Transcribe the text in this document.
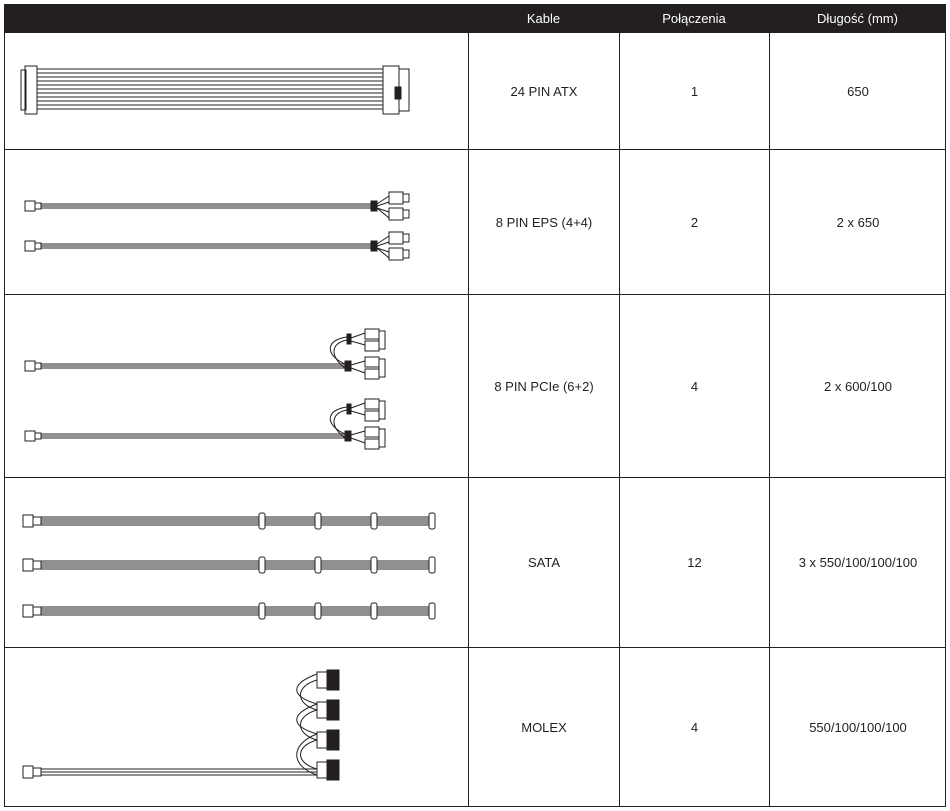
Kable	Połączenia	Długość (mm)
24 PIN ATX	1	650
8 PIN EPS (4+4)	2	2 x 650
8 PIN PCIe (6+2)	4	2 x 600/100
SATA	12	3 x 550/100/100/100
MOLEX	4	550/100/100/100
